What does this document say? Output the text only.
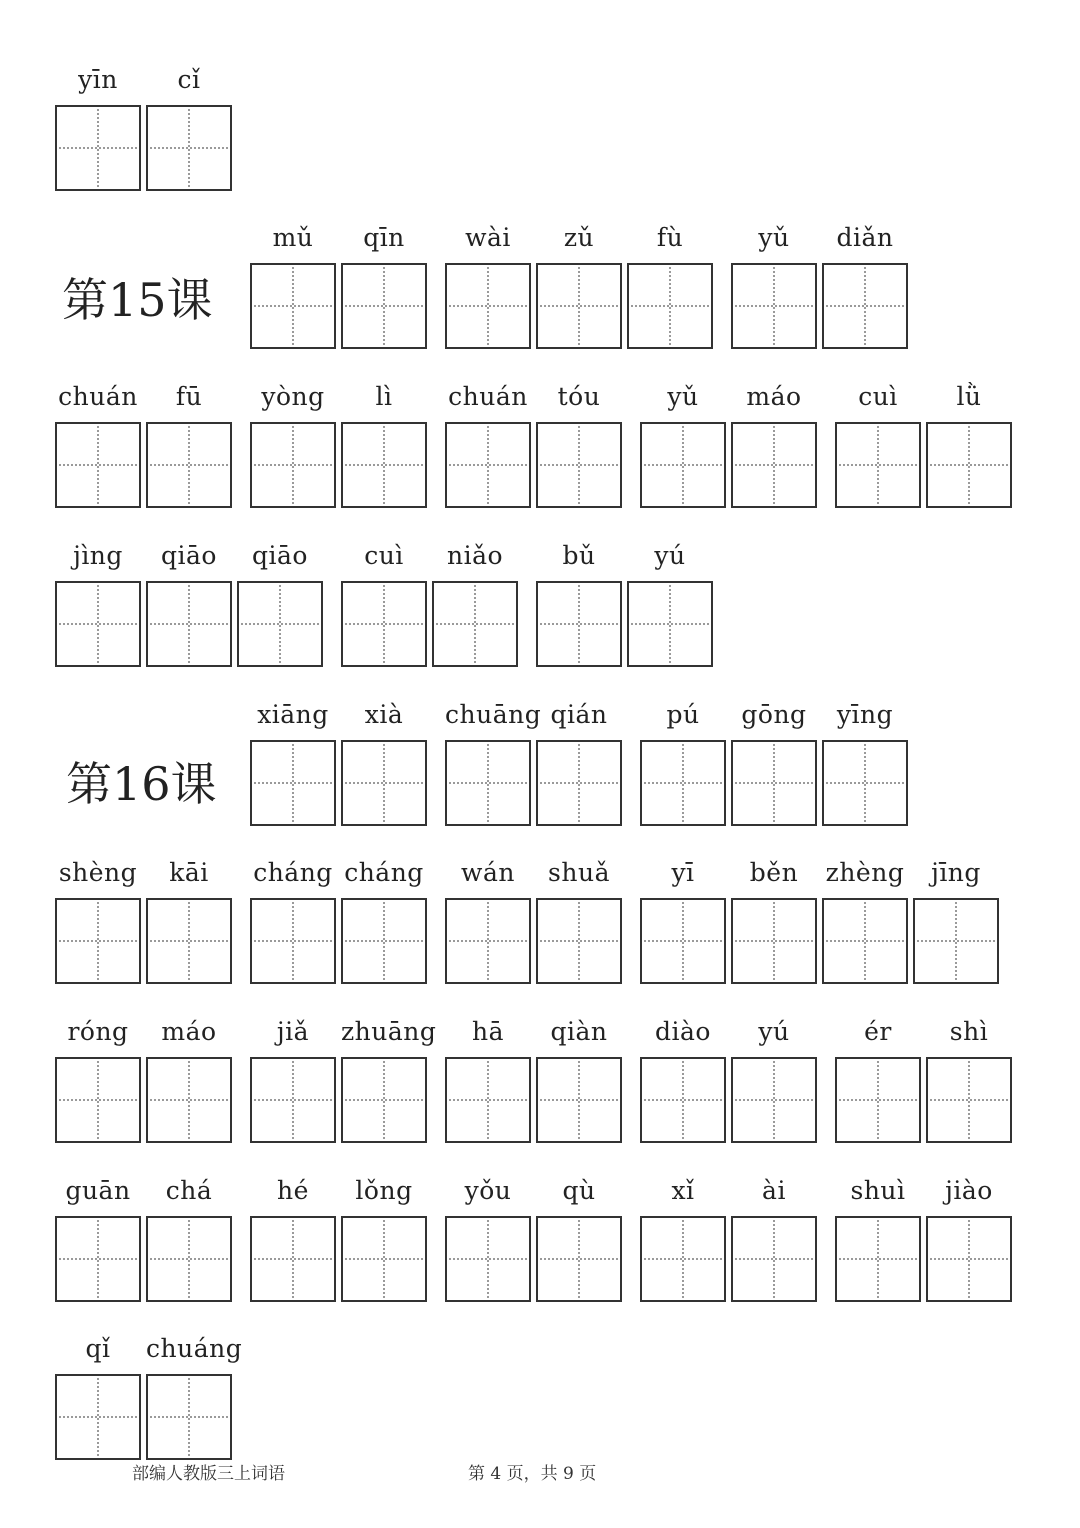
第15课
第16课
yīn	cǐ
mǔ	qīn	wài	zǔ	fù	yǔ	diǎn
chuán	fū	yòng	lì	chuán	tóu	yǔ	máo	cuì	lǜ
jìng	qiāo	qiāo	cuì	niǎo	bǔ	yú
xiāng	xià	chuāng qián	pú	gōng	yīng
shèng	kāi	cháng cháng	wán	shuǎ	yī	běn	zhèng	jīng
róng	máo	jiǎ	zhuāng	hā	qiàn	diào	yú	ér	shì
guān	chá	hé	lǒng	yǒu	qù	xǐ	ài	shuì	jiào
qǐ	chuáng
部编人教版三上词语	第 4 页，共 9 页
